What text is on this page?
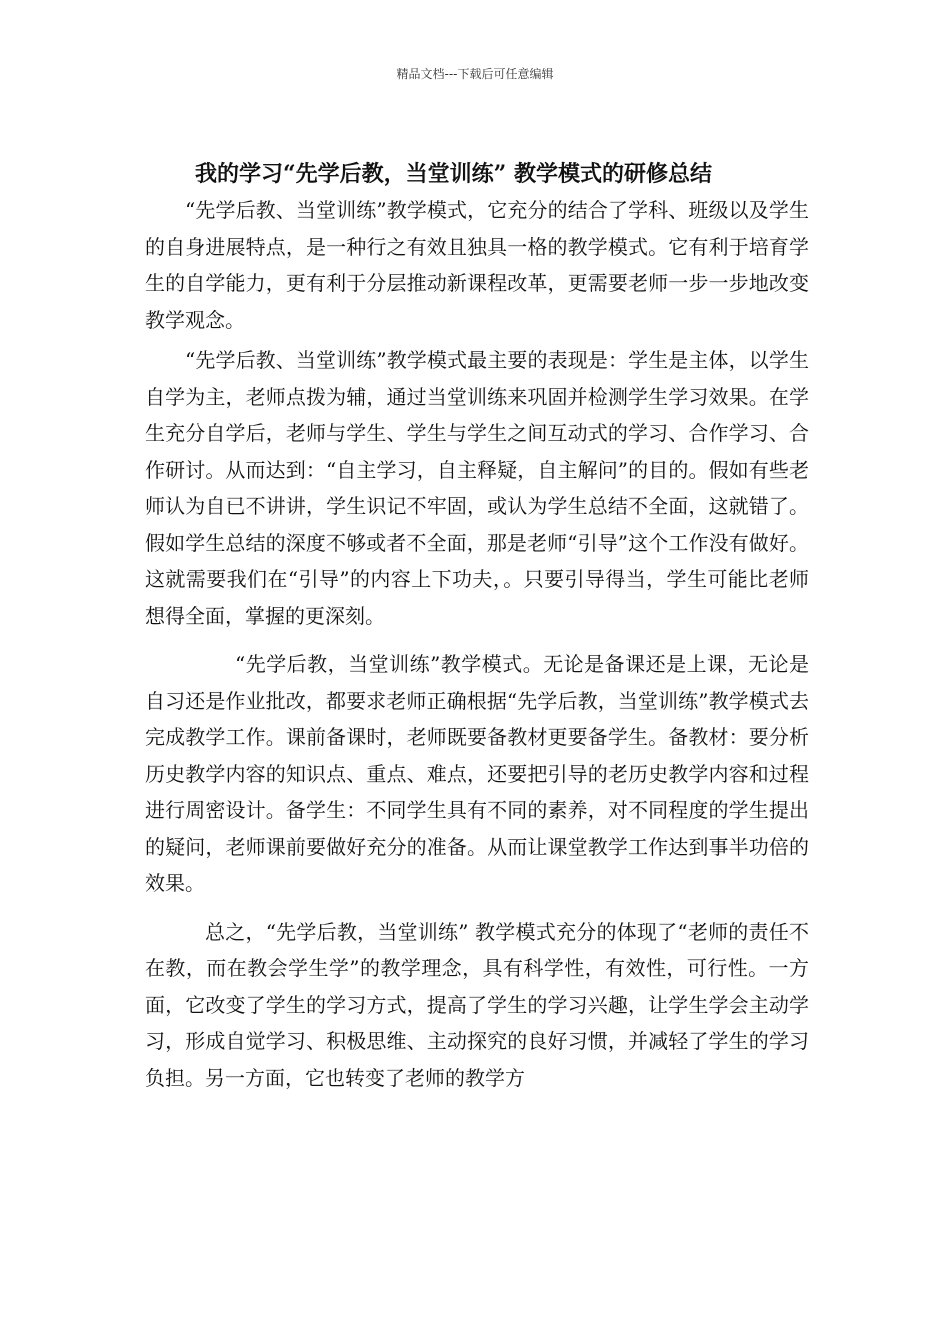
精品文档---下载后可任意编辑
我的学习“先学后教，当堂训练” 教学模式的研修总结

“先学后教、当堂训练”教学模式，它充分的结合了学科、班级以及学生的自身进展特点，是一种行之有效且独具一格的教学模式。它有利于培育学生的自学能力，更有利于分层推动新课程改革，更需要老师一步一步地改变教学观念。

“先学后教、当堂训练”教学模式最主要的表现是：学生是主体，以学生自学为主，老师点拨为辅，通过当堂训练来巩固并检测学生学习效果。在学生充分自学后，老师与学生、学生与学生之间互动式的学习、合作学习、合作研讨。从而达到：“自主学习，自主释疑，自主解问”的目的。假如有些老师认为自已不讲讲，学生识记不牢固，或认为学生总结不全面，这就错了。假如学生总结的深度不够或者不全面，那是老师“引导”这个工作没有做好。这就需要我们在“引导”的内容上下功夫，。只要引导得当，学生可能比老师想得全面，掌握的更深刻。

“先学后教，当堂训练”教学模式。无论是备课还是上课，无论是自习还是作业批改，都要求老师正确根据“先学后教，当堂训练”教学模式去完成教学工作。课前备课时，老师既要备教材更要备学生。备教材：要分析历史教学内容的知识点、重点、难点，还要把引导的老历史教学内容和过程进行周密设计。备学生：不同学生具有不同的素养，对不同程度的学生提出的疑问，老师课前要做好充分的准备。从而让课堂教学工作达到事半功倍的效果。

总之，“先学后教，当堂训练” 教学模式充分的体现了“老师的责任不在教，而在教会学生学”的教学理念，具有科学性，有效性，可行性。一方面，它改变了学生的学习方式，提高了学生的学习兴趣，让学生学会主动学习，形成自觉学习、积极思维、主动探究的良好习惯，并减轻了学生的学习负担。另一方面，它也转变了老师的教学方
